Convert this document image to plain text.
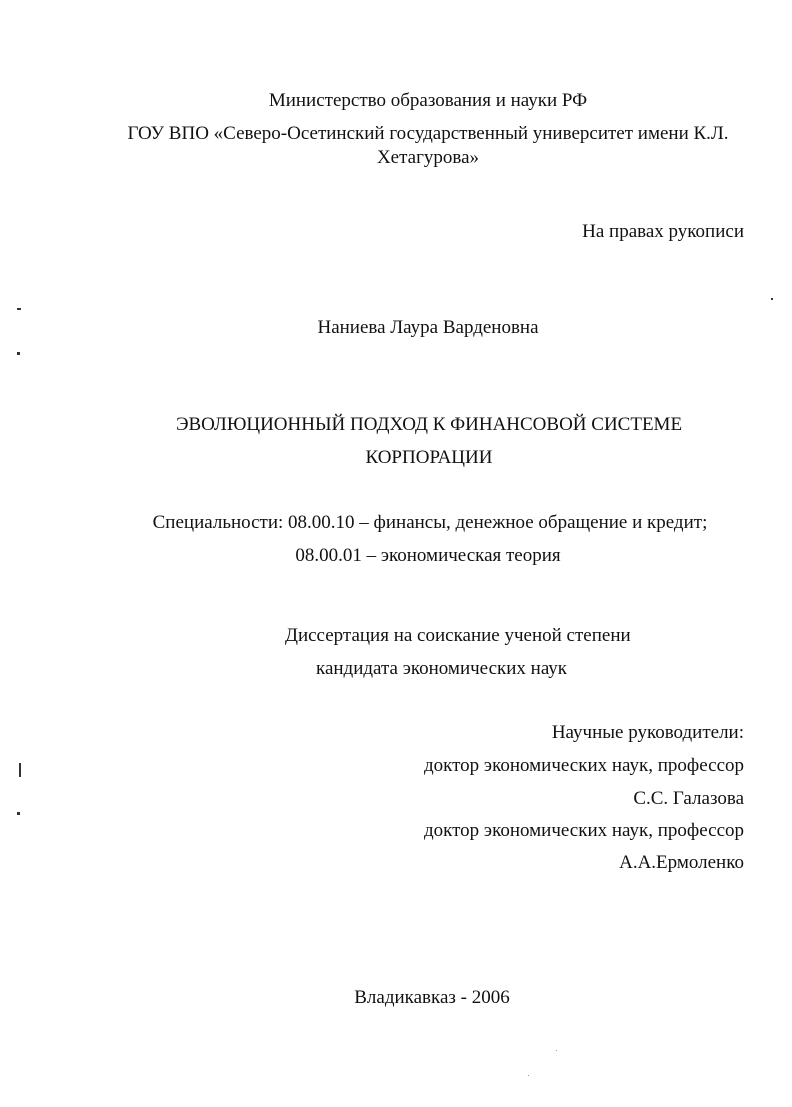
Министерство образования и науки РФ
ГОУ ВПО «Северо-Осетинский государственный университет имени К.Л.
Хетагурова»
На правах рукописи
Наниева Лаура Варденовна
ЭВОЛЮЦИОННЫЙ ПОДХОД К ФИНАНСОВОЙ СИСТЕМЕ
КОРПОРАЦИИ
Специальности: 08.00.10 – финансы, денежное обращение и кредит;
08.00.01 – экономическая теория
Диссертация на соискание ученой степени
кандидата экономических наук
Научные руководители:
доктор экономических наук, профессор
С.С. Галазова
доктор экономических наук, профессор
А.А.Ермоленко
Владикавказ - 2006
